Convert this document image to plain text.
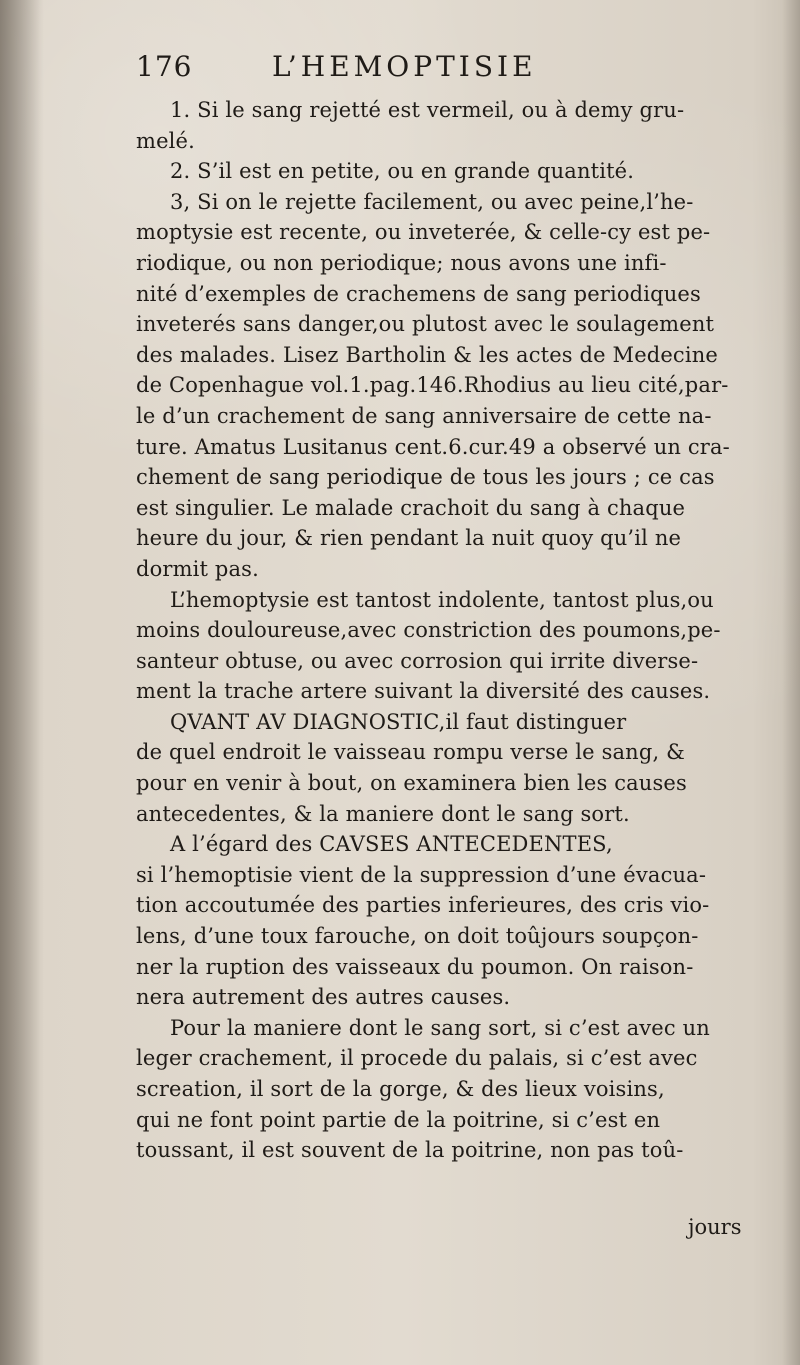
176	L’HEMOPTISIE
1. Si le sang rejetté est vermeil, ou à demy gru-
melé.
2. S’il est en petite, ou en grande quantité.
3, Si on le rejette facilement, ou avec peine,l’he-
moptysie est recente, ou inveterée, & celle-cy est pe-
riodique, ou non periodique; nous avons une infi-
nité d’exemples de crachemens de sang periodiques
inveterés sans danger,ou plutost avec le soulagement
des malades. Lisez Bartholin & les actes de Medecine
de Copenhague vol.1.pag.146.Rhodius au lieu cité,par-
le d’un crachement de sang anniversaire de cette na-
ture. Amatus Lusitanus cent.6.cur.49 a observé un cra-
chement de sang periodique de tous les jours ; ce cas
est singulier. Le malade crachoit du sang à chaque
heure du jour, & rien pendant la nuit quoy qu’il ne
dormit pas.
L’hemoptysie est tantost indolente, tantost plus,ou
moins douloureuse,avec constriction des poumons,pe-
santeur obtuse, ou avec corrosion qui irrite diverse-
ment la trache artere suivant la diversité des causes.
QVANT AV DIAGNOSTIC,il faut distinguer
de quel endroit le vaisseau rompu verse le sang, &
pour en venir à bout, on examinera bien les causes
antecedentes, & la maniere dont le sang sort.
A l’égard des CAVSES ANTECEDENTES,
si l’hemoptisie vient de la suppression d’une évacua-
tion accoutumée des parties inferieures, des cris vio-
lens, d’une toux farouche, on doit toûjours soupçon-
ner la ruption des vaisseaux du poumon. On raison-
nera autrement des autres causes.
Pour la maniere dont le sang sort, si c’est avec un
leger crachement, il procede du palais, si c’est avec
screation, il sort de la gorge, & des lieux voisins,
qui ne font point partie de la poitrine, si c’est en
toussant, il est souvent de la poitrine, non pas toû-
jours
